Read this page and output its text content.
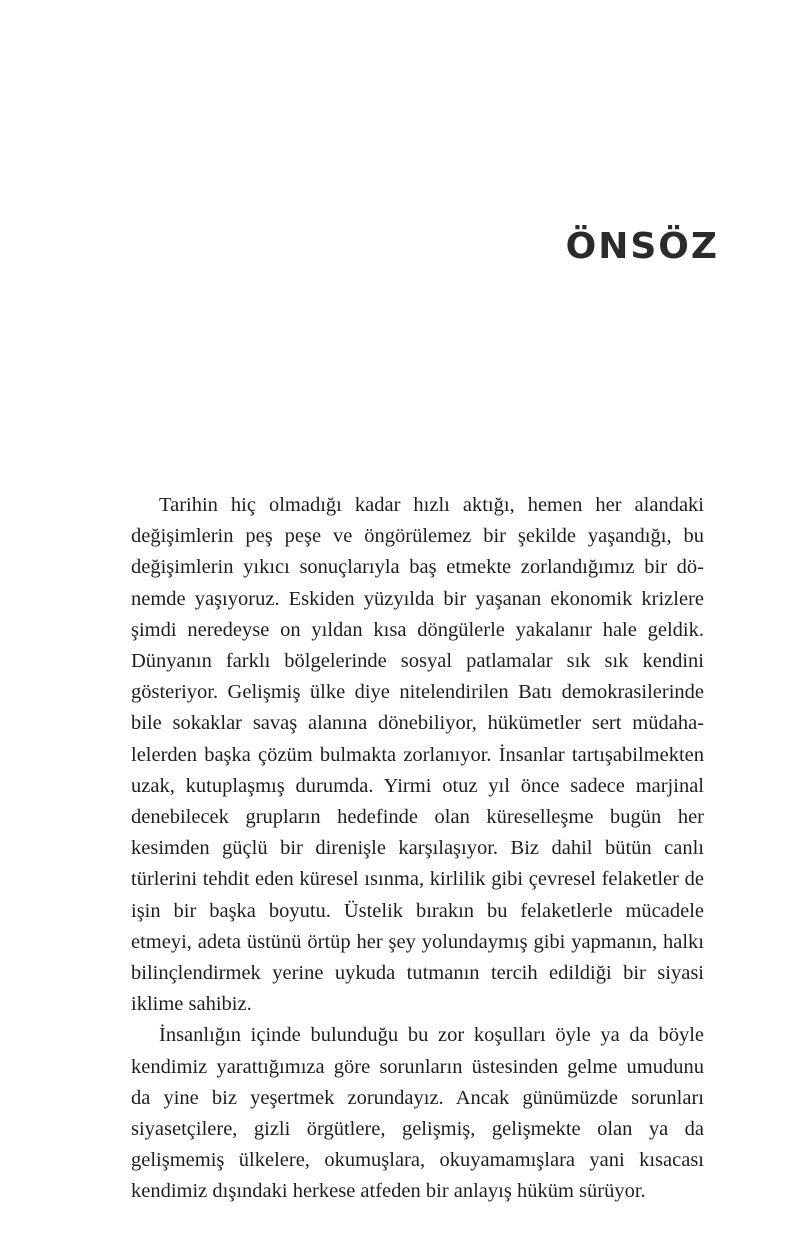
ÖNSÖZ

Tarihin hiç olmadığı kadar hızlı aktığı, hemen her alandaki değişimlerin peş peşe ve öngörülemez bir şekilde yaşandığı, bu değişimlerin yıkıcı sonuçlarıyla baş etmekte zorlandığımız bir dönemde yaşıyoruz. Eskiden yüzyılda bir yaşanan ekonomik krizlere şimdi neredeyse on yıldan kısa döngülerle yakalanır hale geldik. Dünyanın farklı bölgelerinde sosyal patlamalar sık sık kendini gösteriyor. Gelişmiş ülke diye nitelendirilen Batı demokrasilerinde bile sokaklar savaş alanına dönebiliyor, hükümetler sert müdahalelerden başka çözüm bulmakta zorlanıyor. İnsanlar tartışabilmekten uzak, kutuplaşmış durumda. Yirmi otuz yıl önce sadece marjinal denebilecek grupların hedefinde olan küreselleşme bugün her kesimden güçlü bir direnişle karşılaşıyor. Biz dahil bütün canlı türlerini tehdit eden küresel ısınma, kirlilik gibi çevresel felaketler de işin bir başka boyutu. Üstelik bırakın bu felaketlerle mücadele etmeyi, adeta üstünü örtüp her şey yolundaymış gibi yapmanın, halkı bilinçlendirmek yerine uykuda tutmanın tercih edildiği bir siyasi iklime sahibiz.

İnsanlığın içinde bulunduğu bu zor koşulları öyle ya da böyle kendimiz yarattığımıza göre sorunların üstesinden gelme umudunu da yine biz yeşertmek zorundayız. Ancak günümüzde sorunları siyasetçilere, gizli örgütlere, gelişmiş, gelişmekte olan ya da gelişmemiş ülkelere, okumuşlara, okuyamamışlara yani kısacası kendimiz dışındaki herkese atfeden bir anlayış hüküm sürüyor.
